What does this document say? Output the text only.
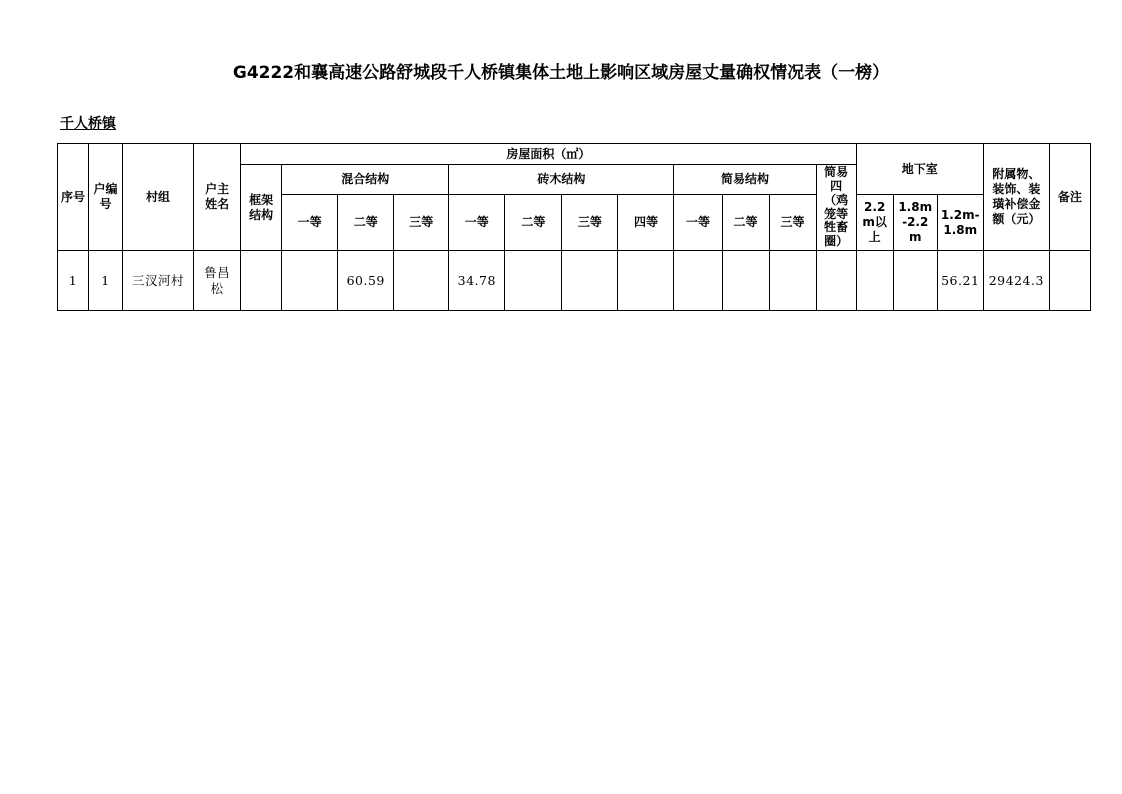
G4222和襄高速公路舒城段千人桥镇集体土地上影响区域房屋丈量确权情况表（一榜）
千人桥镇
序号	户编号	村组	户主姓名	房屋面积（㎡）												地下室			附属物、装饰、装璜补偿金额（元）	备注

				框架结构	混合结构			砖木结构				简易结构			简易四（鸡笼等牲畜圈）					

					一等	二等	三等	一等	二等	三等	四等	一等	二等	三等		2.2m以上	1.8m-2.2m	1.2m-1.8m		

1	1	三汊河村	鲁昌松			60.59		34.78										56.21	29424.3	
